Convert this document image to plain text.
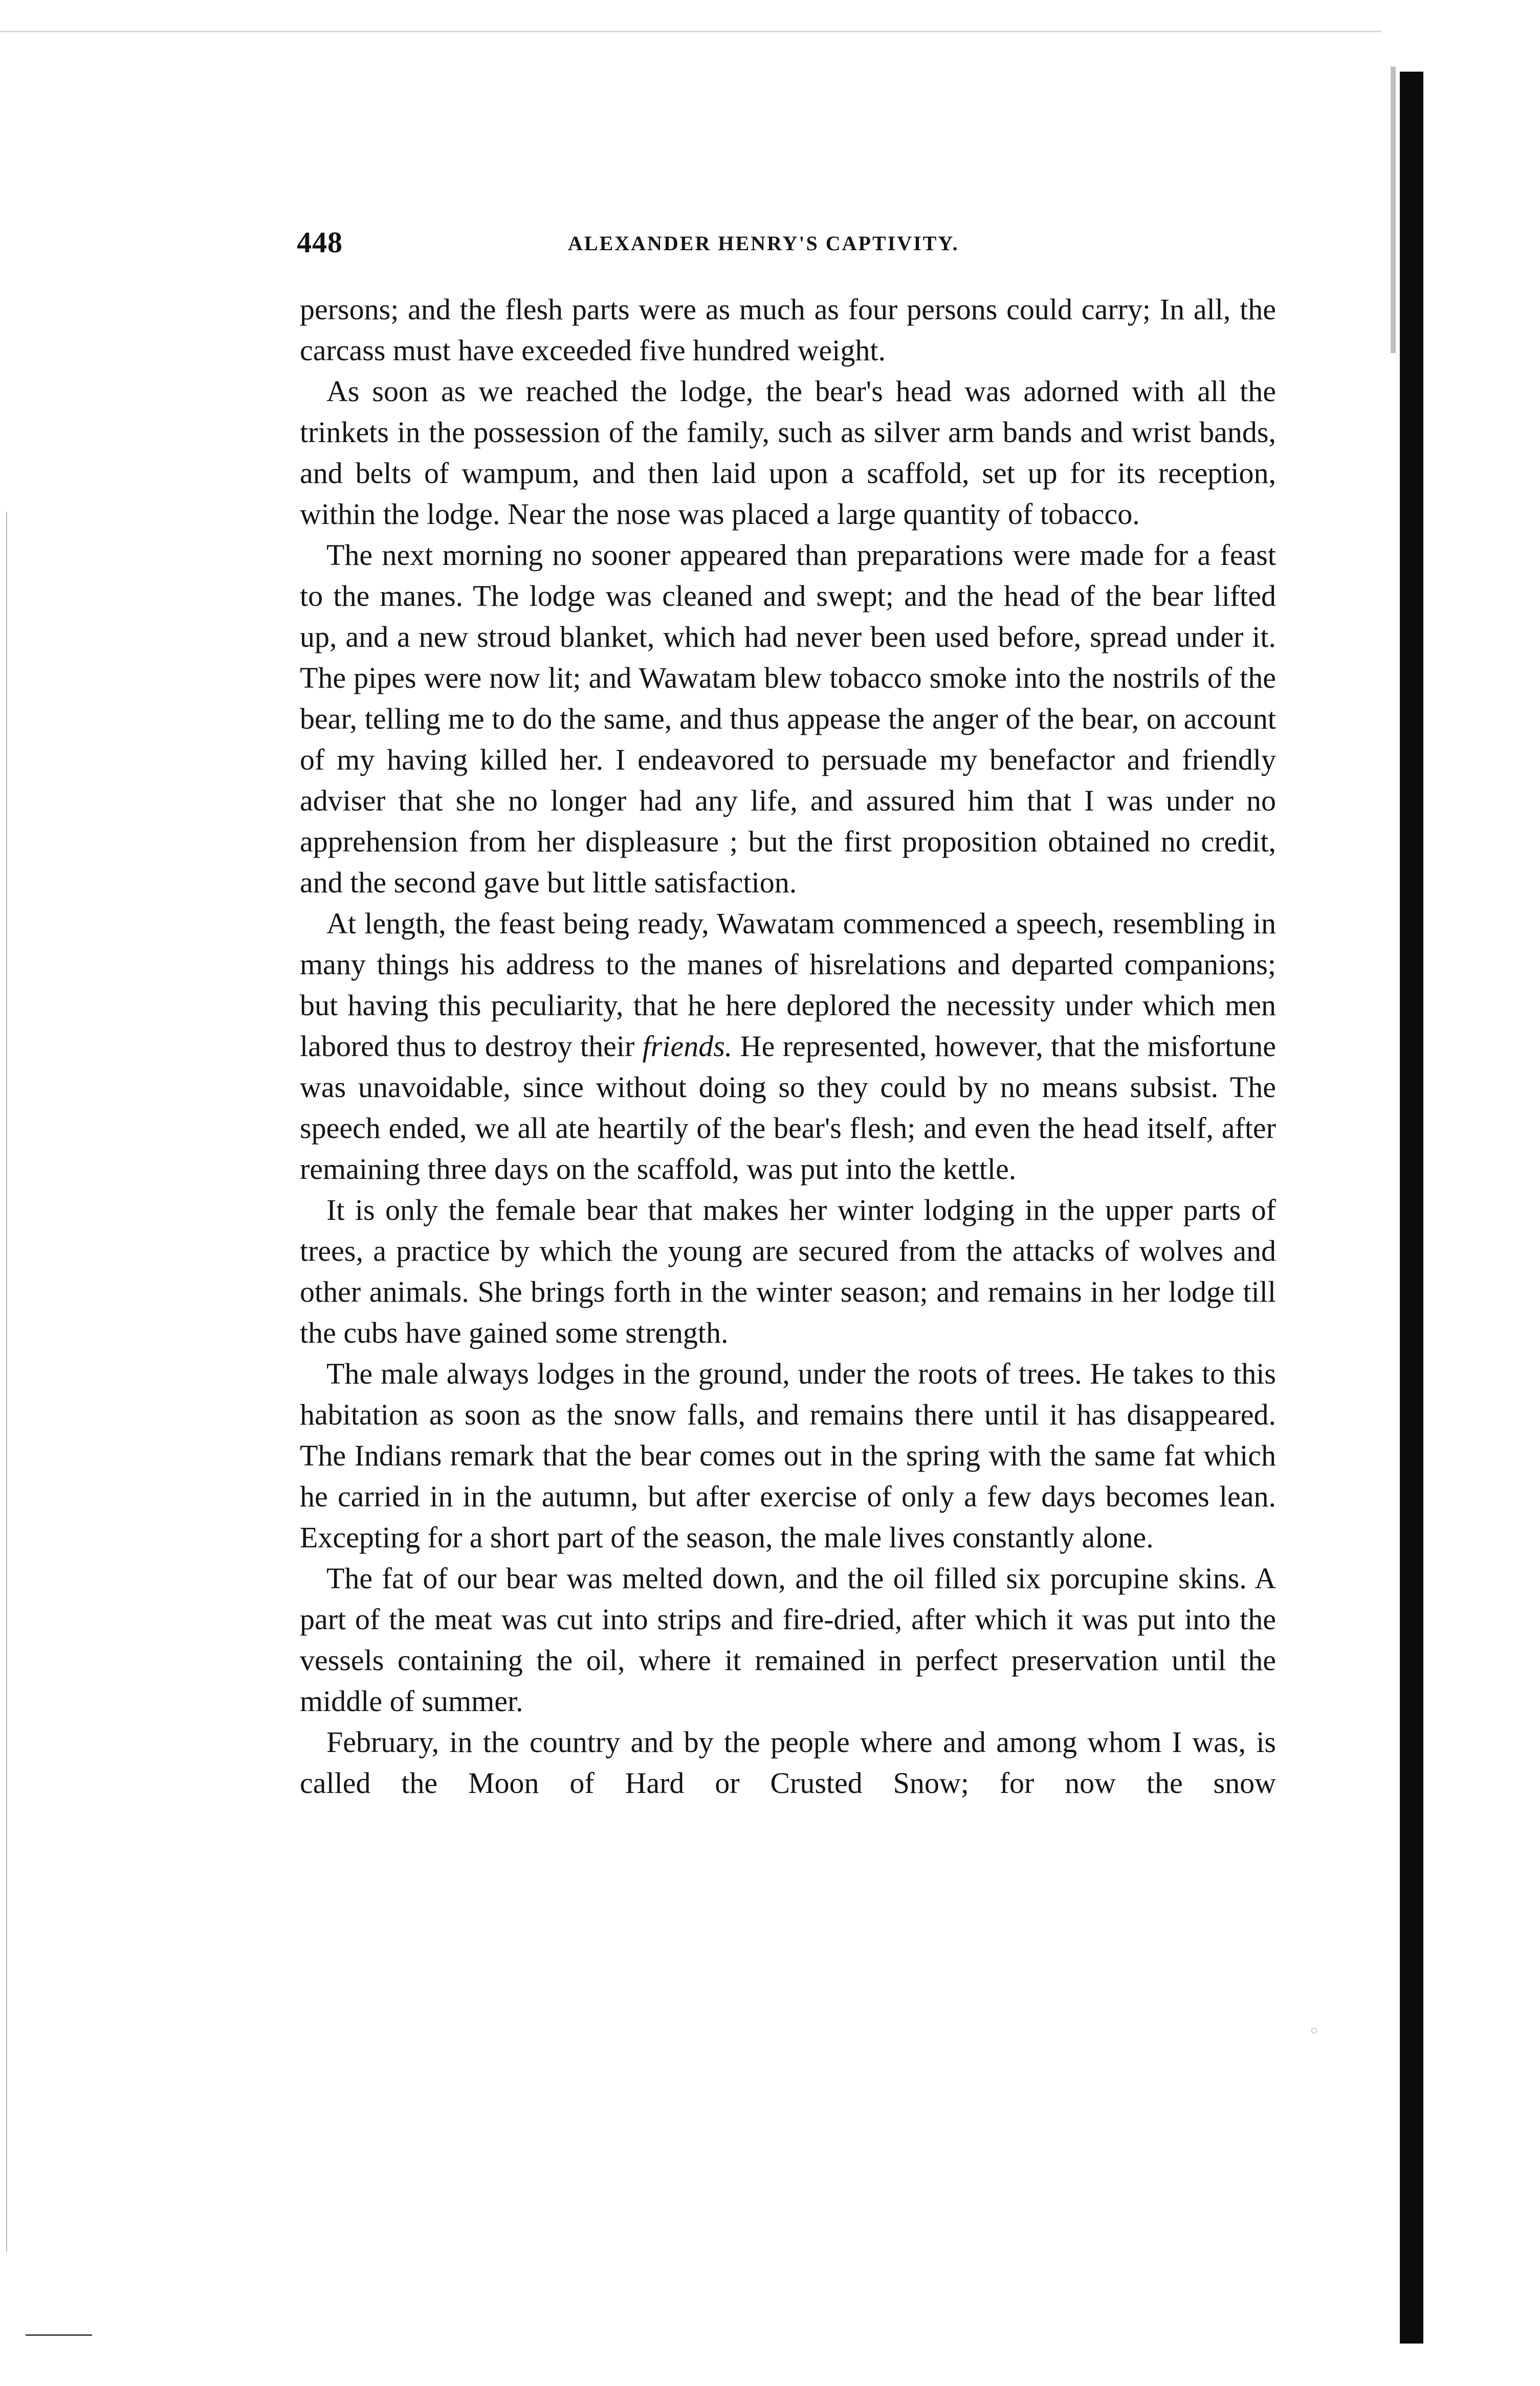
◌
448	ALEXANDER HENRY'S CAPTIVITY.

persons; and the flesh parts were as much as four persons could carry; In all, the carcass must have exceeded five hundred weight.

As soon as we reached the lodge, the bear's head was adorned with all the trinkets in the possession of the family, such as silver arm bands and wrist bands, and belts of wampum, and then laid upon a scaffold, set up for its reception, within the lodge. Near the nose was placed a large quantity of tobacco.

The next morning no sooner appeared than preparations were made for a feast to the manes. The lodge was cleaned and swept; and the head of the bear lifted up, and a new stroud blanket, which had never been used before, spread under it. The pipes were now lit; and Wawatam blew tobacco smoke into the nostrils of the bear, telling me to do the same, and thus appease the anger of the bear, on account of my having killed her. I endeavored to persuade my benefactor and friendly adviser that she no longer had any life, and assured him that I was under no apprehension from her displeasure ; but the first proposition obtained no credit, and the second gave but little satisfaction.

At length, the feast being ready, Wawatam commenced a speech, resembling in many things his address to the manes of hisrelations and departed companions; but having this peculiarity, that he here deplored the necessity under which men labored thus to destroy their friends. He represented, however, that the misfortune was unavoidable, since without doing so they could by no means subsist. The speech ended, we all ate heartily of the bear's flesh; and even the head itself, after remaining three days on the scaffold, was put into the kettle.

It is only the female bear that makes her winter lodging in the upper parts of trees, a practice by which the young are secured from the attacks of wolves and other animals. She brings forth in the winter season; and remains in her lodge till the cubs have gained some strength.

The male always lodges in the ground, under the roots of trees. He takes to this habitation as soon as the snow falls, and remains there until it has disappeared. The Indians remark that the bear comes out in the spring with the same fat which he carried in in the autumn, but after exercise of only a few days becomes lean. Excepting for a short part of the season, the male lives constantly alone.

The fat of our bear was melted down, and the oil filled six porcupine skins. A part of the meat was cut into strips and fire-dried, after which it was put into the vessels containing the oil, where it remained in perfect preservation until the middle of summer.

February, in the country and by the people where and among whom I was, is called the Moon of Hard or Crusted Snow; for now the snow
